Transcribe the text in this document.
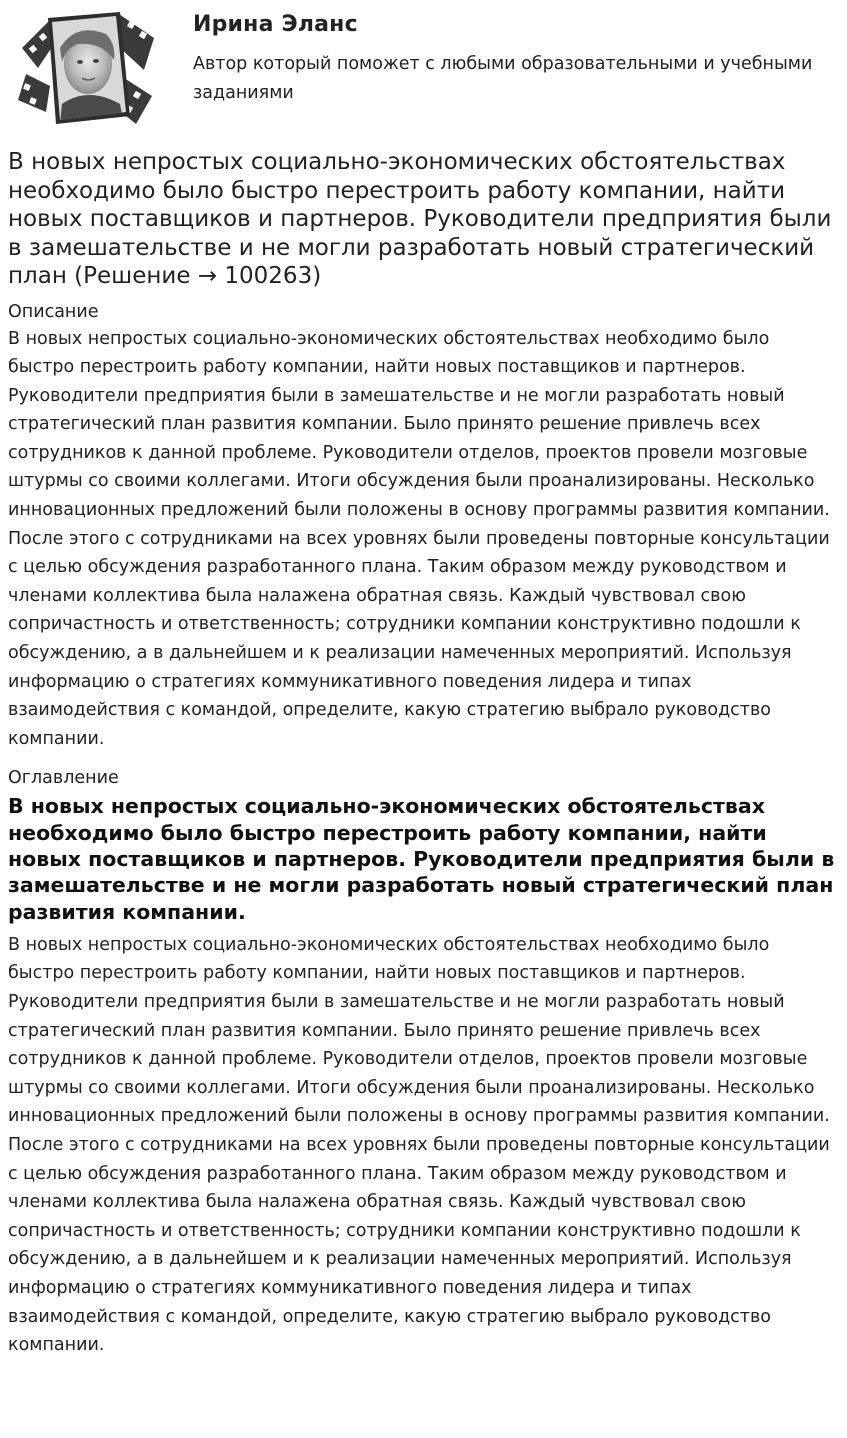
Ирина Эланс
Автор который поможет с любыми образовательными и учебными заданиями
В новых непростых социально-экономических обстоятельствах необходимо было быстро перестроить работу компании, найти новых поставщиков и партнеров. Руководители предприятия были в замешательстве и не могли разработать новый стратегический план (Решение → 100263)
Описание

В новых непростых социально-экономических обстоятельствах необходимо было быстро перестроить работу компании, найти новых поставщиков и партнеров. Руководители предприятия были в замешательстве и не могли разработать новый стратегический план развития компании. Было принято решение привлечь всех сотрудников к данной проблеме. Руководители отделов, проектов провели мозговые штурмы со своими коллегами. Итоги обсуждения были проанализированы. Несколько инновационных предложений были положены в основу программы развития компании. После этого с сотрудниками на всех уровнях были проведены повторные консультации с целью обсуждения разработанного плана. Таким образом между руководством и членами коллектива была налажена обратная связь. Каждый чувствовал свою сопричастность и ответственность; сотрудники компании конструктивно подошли к обсуждению, а в дальнейшем и к реализации намеченных мероприятий. Используя информацию о стратегиях коммуникативного поведения лидера и типах взаимодействия с командой, определите, какую стратегию выбрало руководство компании.

Оглавление
В новых непростых социально-экономических обстоятельствах необходимо было быстро перестроить работу компании, найти новых поставщиков и партнеров. Руководители предприятия были в замешательстве и не могли разработать новый стратегический план развития компании.

В новых непростых социально-экономических обстоятельствах необходимо было быстро перестроить работу компании, найти новых поставщиков и партнеров. Руководители предприятия были в замешательстве и не могли разработать новый стратегический план развития компании. Было принято решение привлечь всех сотрудников к данной проблеме. Руководители отделов, проектов провели мозговые штурмы со своими коллегами. Итоги обсуждения были проанализированы. Несколько инновационных предложений были положены в основу программы развития компании. После этого с сотрудниками на всех уровнях были проведены повторные консультации с целью обсуждения разработанного плана. Таким образом между руководством и членами коллектива была налажена обратная связь. Каждый чувствовал свою сопричастность и ответственность; сотрудники компании конструктивно подошли к обсуждению, а в дальнейшем и к реализации намеченных мероприятий. Используя информацию о стратегиях коммуникативного поведения лидера и типах взаимодействия с командой, определите, какую стратегию выбрало руководство компании.
